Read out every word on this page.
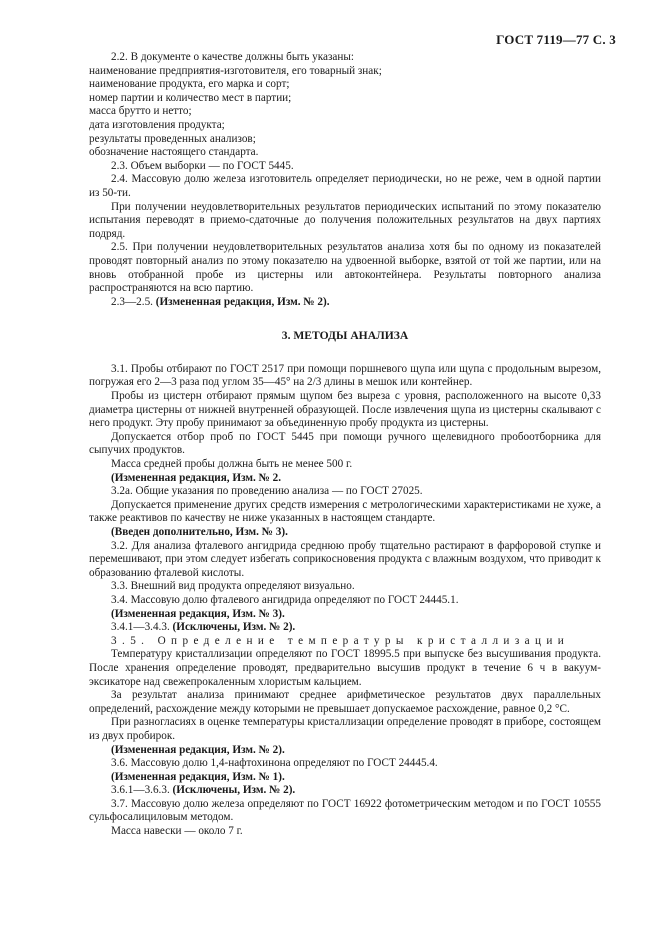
ГОСТ 7119—77 С. 3

2.2. В документе о качестве должны быть указаны:

наименование предприятия-изготовителя, его товарный знак;

наименование продукта, его марка и сорт;

номер партии и количество мест в партии;

масса брутто и нетто;

дата изготовления продукта;

результаты проведенных анализов;

обозначение настоящего стандарта.

2.3. Объем выборки — по ГОСТ 5445.

2.4. Массовую долю железа изготовитель определяет периодически, но не реже, чем в одной партии из 50-ти.

При получении неудовлетворительных результатов периодических испытаний по этому показателю испытания переводят в приемо-сдаточные до получения положительных результатов на двух партиях подряд.

2.5. При получении неудовлетворительных результатов анализа хотя бы по одному из показателей проводят повторный анализ по этому показателю на удвоенной выборке, взятой от той же партии, или на вновь отобранной пробе из цистерны или автоконтейнера. Результаты повторного анализа распространяются на всю партию.

2.3—2.5. (Измененная редакция, Изм. № 2).

3. МЕТОДЫ АНАЛИЗА

3.1. Пробы отбирают по ГОСТ 2517 при помощи поршневого щупа или щупа с продольным вырезом, погружая его 2—3 раза под углом 35—45° на 2/3 длины в мешок или контейнер.

Пробы из цистерн отбирают прямым щупом без выреза с уровня, расположенного на высоте 0,33 диаметра цистерны от нижней внутренней образующей. После извлечения щупа из цистерны скалывают с него продукт. Эту пробу принимают за объединенную пробу продукта из цистерны.

Допускается отбор проб по ГОСТ 5445 при помощи ручного щелевидного пробоотборника для сыпучих продуктов.

Масса средней пробы должна быть не менее 500 г.

(Измененная редакция, Изм. № 2.

3.2а. Общие указания по проведению анализа — по ГОСТ 27025.

Допускается применение других средств измерения с метрологическими характеристиками не хуже, а также реактивов по качеству не ниже указанных в настоящем стандарте.

(Введен дополнительно, Изм. № 3).

3.2. Для анализа фталевого ангидрида среднюю пробу тщательно растирают в фарфоровой ступке и перемешивают, при этом следует избегать соприкосновения продукта с влажным воздухом, что приводит к образованию фталевой кислоты.

3.3. Внешний вид продукта определяют визуально.

3.4. Массовую долю фталевого ангидрида определяют по ГОСТ 24445.1.

(Измененная редакция, Изм. № 3).

3.4.1—3.4.3. (Исключены, Изм. № 2).

3.5. Определение температуры кристаллизации

Температуру кристаллизации определяют по ГОСТ 18995.5 при выпуске без высушивания продукта. После хранения определение проводят, предварительно высушив продукт в течение 6 ч в вакуум-эксикаторе над свежепрокаленным хлористым кальцием.

За результат анализа принимают среднее арифметическое результатов двух параллельных определений, расхождение между которыми не превышает допускаемое расхождение, равное 0,2 °С.

При разногласиях в оценке температуры кристаллизации определение проводят в приборе, состоящем из двух пробирок.

(Измененная редакция, Изм. № 2).

3.6. Массовую долю 1,4-нафтохинона определяют по ГОСТ 24445.4.

(Измененная редакция, Изм. № 1).

3.6.1—3.6.3. (Исключены, Изм. № 2).

3.7. Массовую долю железа определяют по ГОСТ 16922 фотометрическим методом и по ГОСТ 10555 сульфосалициловым методом.

Масса навески — около 7 г.
